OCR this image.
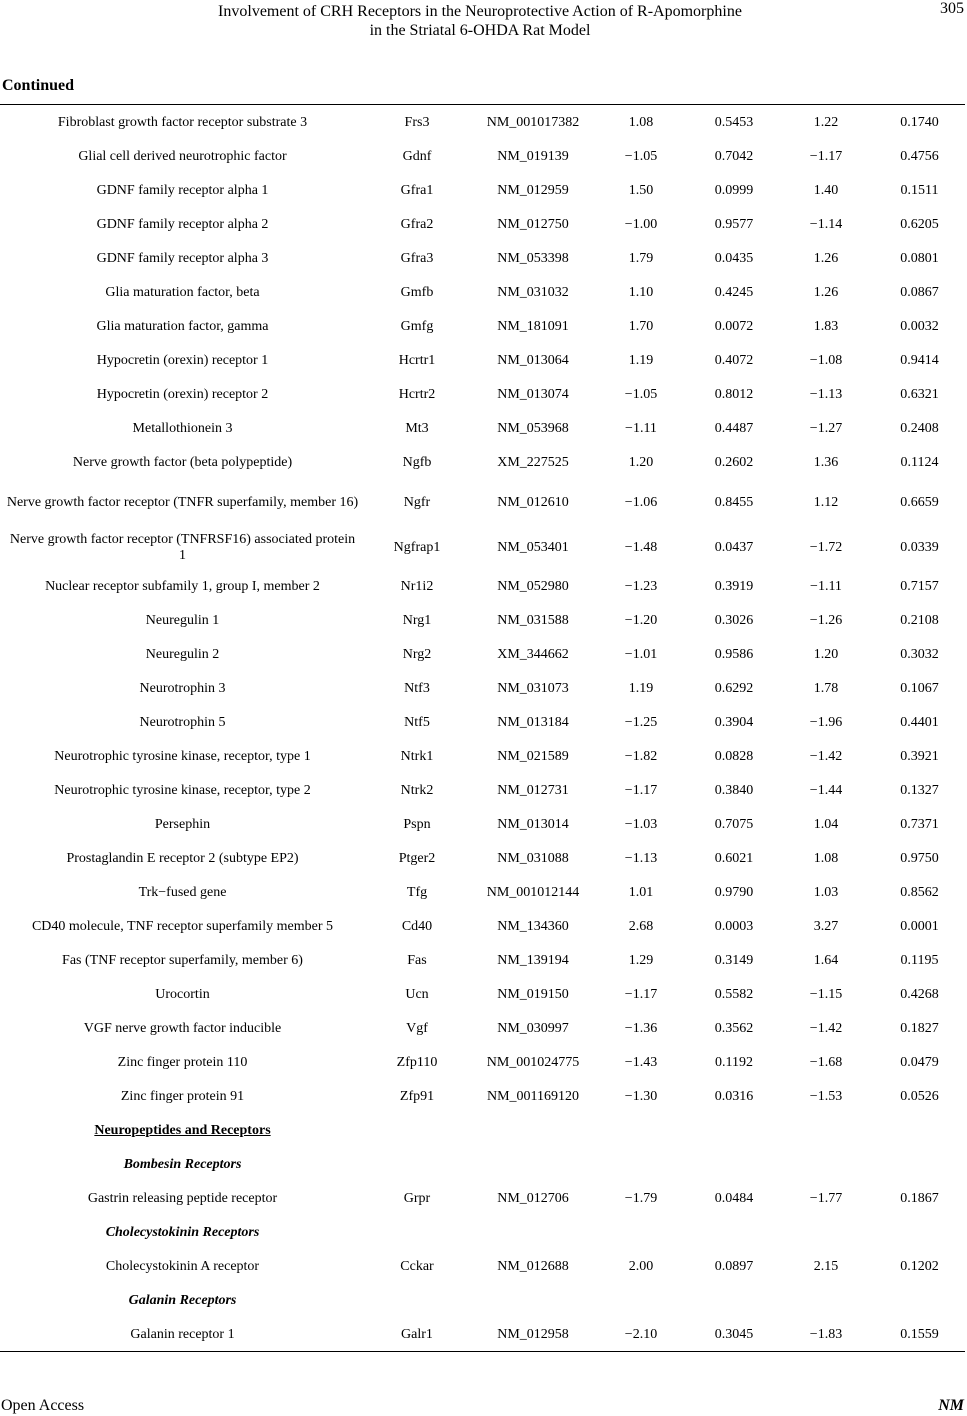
Involvement of CRH Receptors in the Neuroprotective Action of R-Apomorphine
in the Striatal 6-OHDA Rat Model
305
Continued
Fibroblast growth factor receptor substrate 3	Frs3	NM_001017382	1.08	0.5453	1.22	0.1740
Glial cell derived neurotrophic factor	Gdnf	NM_019139	−1.05	0.7042	−1.17	0.4756
GDNF family receptor alpha 1	Gfra1	NM_012959	1.50	0.0999	1.40	0.1511
GDNF family receptor alpha 2	Gfra2	NM_012750	−1.00	0.9577	−1.14	0.6205
GDNF family receptor alpha 3	Gfra3	NM_053398	1.79	0.0435	1.26	0.0801
Glia maturation factor, beta	Gmfb	NM_031032	1.10	0.4245	1.26	0.0867
Glia maturation factor, gamma	Gmfg	NM_181091	1.70	0.0072	1.83	0.0032
Hypocretin (orexin) receptor 1	Hcrtr1	NM_013064	1.19	0.4072	−1.08	0.9414
Hypocretin (orexin) receptor 2	Hcrtr2	NM_013074	−1.05	0.8012	−1.13	0.6321
Metallothionein 3	Mt3	NM_053968	−1.11	0.4487	−1.27	0.2408
Nerve growth factor (beta polypeptide)	Ngfb	XM_227525	1.20	0.2602	1.36	0.1124
Nerve growth factor receptor (TNFR superfamily, member 16)	Ngfr	NM_012610	−1.06	0.8455	1.12	0.6659
Nerve growth factor receptor (TNFRSF16) associated protein 1
Ngfrap1	NM_053401	−1.48	0.0437	−1.72	0.0339
Nuclear receptor subfamily 1, group I, member 2	Nr1i2	NM_052980	−1.23	0.3919	−1.11	0.7157
Neuregulin 1	Nrg1	NM_031588	−1.20	0.3026	−1.26	0.2108
Neuregulin 2	Nrg2	XM_344662	−1.01	0.9586	1.20	0.3032
Neurotrophin 3	Ntf3	NM_031073	1.19	0.6292	1.78	0.1067
Neurotrophin 5	Ntf5	NM_013184	−1.25	0.3904	−1.96	0.4401
Neurotrophic tyrosine kinase, receptor, type 1	Ntrk1	NM_021589	−1.82	0.0828	−1.42	0.3921
Neurotrophic tyrosine kinase, receptor, type 2	Ntrk2	NM_012731	−1.17	0.3840	−1.44	0.1327
Persephin	Pspn	NM_013014	−1.03	0.7075	1.04	0.7371
Prostaglandin E receptor 2 (subtype EP2)	Ptger2	NM_031088	−1.13	0.6021	1.08	0.9750
Trk−fused gene	Tfg	NM_001012144	1.01	0.9790	1.03	0.8562
CD40 molecule, TNF receptor superfamily member 5	Cd40	NM_134360	2.68	0.0003	3.27	0.0001
Fas (TNF receptor superfamily, member 6)	Fas	NM_139194	1.29	0.3149	1.64	0.1195
Urocortin	Ucn	NM_019150	−1.17	0.5582	−1.15	0.4268
VGF nerve growth factor inducible	Vgf	NM_030997	−1.36	0.3562	−1.42	0.1827
Zinc finger protein 110	Zfp110	NM_001024775	−1.43	0.1192	−1.68	0.0479
Zinc finger protein 91	Zfp91	NM_001169120	−1.30	0.0316	−1.53	0.0526
Neuropeptides and Receptors
Bombesin Receptors
Gastrin releasing peptide receptor	Grpr	NM_012706	−1.79	0.0484	−1.77	0.1867
Cholecystokinin Receptors
Cholecystokinin A receptor	Cckar	NM_012688	2.00	0.0897	2.15	0.1202
Galanin Receptors
Galanin receptor 1	Galr1	NM_012958	−2.10	0.3045	−1.83	0.1559
Open Access	NM
